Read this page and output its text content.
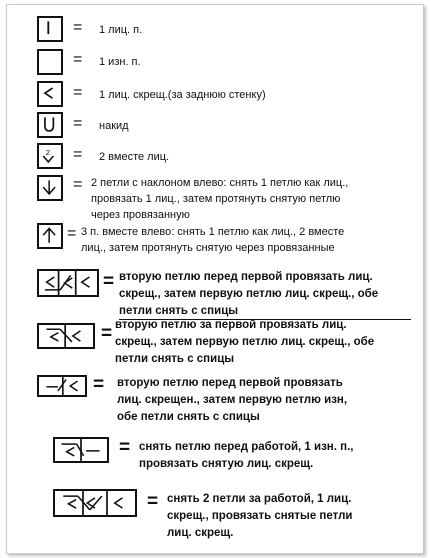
= 1 лиц. п.
= 1 изн. п.
= 1 лиц. скрещ.(за заднюю стенку)
= накид
2 = 2 вместе лиц.
= 2 петли с наклоном влево: снять 1 петлю как лиц.,
провязать 1 лиц., затем протянуть снятую петлю
через провязанную
= 3 п. вместе влево: снять 1 петлю как лиц., 2 вместе
лиц., затем протянуть снятую через провязанные
= вторую петлю перед первой провязать лиц.
скрещ., затем первую петлю лиц. скрещ., обе
петли снять с спицы
= вторую петлю за первой провязать лиц.
скрещ., затем первую петлю лиц. скрещ., обе
петли снять с спицы
= вторую петлю перед первой провязать
лиц. скрещен., затем первую петлю изн,
обе петли снять с спицы
= снять петлю перед работой, 1 изн. п.,
провязать снятую лиц. скрещ.
= снять 2 петли за работой, 1 лиц.
скрещ., провязать снятые петли
лиц. скрещ.
